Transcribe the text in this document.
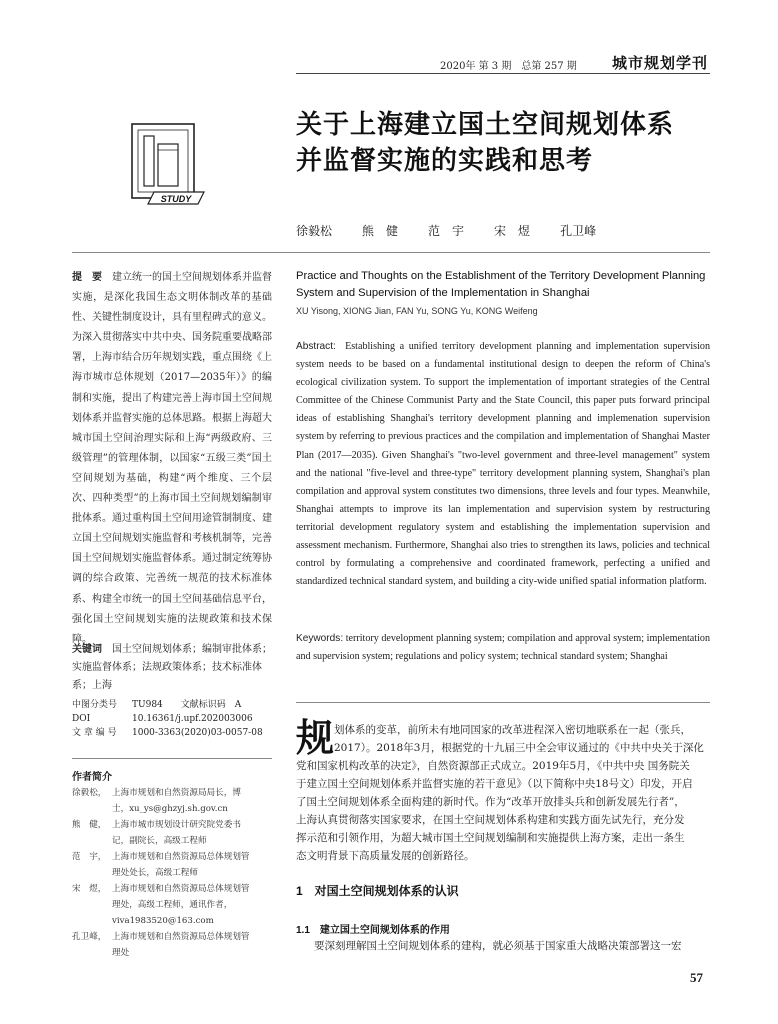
2020年 第 3 期　总第 257 期 城市规划学刊
STUDY
关于上海建立国土空间规划体系
并监督实施的实践和思考
徐毅松	熊　健	范　宇	宋　煜	孔卫峰
提　要　 建立统一的国土空间规划体系并监督实施，是深化我国生态文明体制改革的基础性、关键性制度设计，具有里程碑式的意义。为深入贯彻落实中共中央、国务院重要战略部署，上海市结合历年规划实践，重点围绕《上海市城市总体规划（2017—2035年）》的编制和实施，提出了构建完善上海市国土空间规划体系并监督实施的总体思路。根据上海超大城市国土空间治理实际和上海“两级政府、三级管理”的管理体制，以国家“五级三类”国土空间规划为基础，构建“两个维度、三个层次、四种类型”的上海市国土空间规划编制审批体系。通过重构国土空间用途管制制度、建立国土空间规划实施监督和考核机制等，完善国土空间规划实施监督体系。通过制定统筹协调的综合政策、完善统一规范的技术标准体系、构建全市统一的国土空间基础信息平台，强化国土空间规划实施的法规政策和技术保障。
关键词　 国土空间规划体系；编制审批体系；实施监督体系；法规政策体系；技术标准体系；上海
中图分类号	TU984　　文献标识码　A
DOI	10.16361/j.upf.202003006
文 章 编 号	1000-3363(2020)03-0057-08
作者简介
徐毅松， 上海市规划和自然资源局局长，博
士，xu_ys@ghzyj.sh.gov.cn
熊　健， 上海市城市规划设计研究院党委书
记，副院长，高级工程师
范　宇， 上海市规划和自然资源局总体规划管
理处处长，高级工程师
宋　煜， 上海市规划和自然资源局总体规划管
理处，高级工程师，通讯作者，
viva1983520@163.com
孔卫峰， 上海市规划和自然资源局总体规划管
理处
Practice and Thoughts on the Establishment of the Territory Development Planning System and Supervision of the Implementation in Shanghai
XU Yisong, XIONG Jian, FAN Yu, SONG Yu, KONG Weifeng
Abstract: Establishing a unified territory development planning and implementation supervision system needs to be based on a fundamental institutional design to deepen the reform of China's ecological civilization system. To support the implementation of important strategies of the Central Committee of the Chinese Communist Party and the State Council, this paper puts forward principal ideas of establishing Shanghai's territory development planning and implemenation supervision system by referring to previous practices and the compilation and implementation of Shanghai Master Plan (2017—2035). Given Shanghai's "two-level government and three-level management" system and the national "five-level and three-type" territory development planning system, Shanghai's plan compilation and approval system constitutes two dimensions, three levels and four types. Meanwhile, Shanghai attempts to improve its lan implementation and supervision system by restructuring territorial development regulatory system and establishing the implementation supervision and assessment mechanism. Furthermore, Shanghai also tries to strengthen its laws, policies and technical control by formulating a comprehensive and coordinated framework, perfecting a unified and standardized technical standard system, and building a city-wide unified spatial information platform.
Keywords: territory development planning system; compilation and approval system; implementation and supervision system; regulations and policy system; technical standard system; Shanghai
规 划体系的变革，前所未有地同国家的改革进程深入密切地联系在一起（张兵，
2017）。2018年3月，根据党的十九届三中全会审议通过的《中共中央关于深化
党和国家机构改革的决定》，自然资源部正式成立。2019年5月，《中共中央 国务院关
于建立国土空间规划体系并监督实施的若干意见》（以下简称中央18号文）印发，开启
了国土空间规划体系全面构建的新时代。作为“改革开放排头兵和创新发展先行者”，
上海认真贯彻落实国家要求，在国土空间规划体系构建和实践方面先试先行，充分发
挥示范和引领作用，为超大城市国土空间规划编制和实施提供上海方案，走出一条生
态文明背景下高质量发展的创新路径。
1　对国土空间规划体系的认识
1.1　建立国土空间规划体系的作用
要深刻理解国土空间规划体系的建构，就必须基于国家重大战略决策部署这一宏
57
